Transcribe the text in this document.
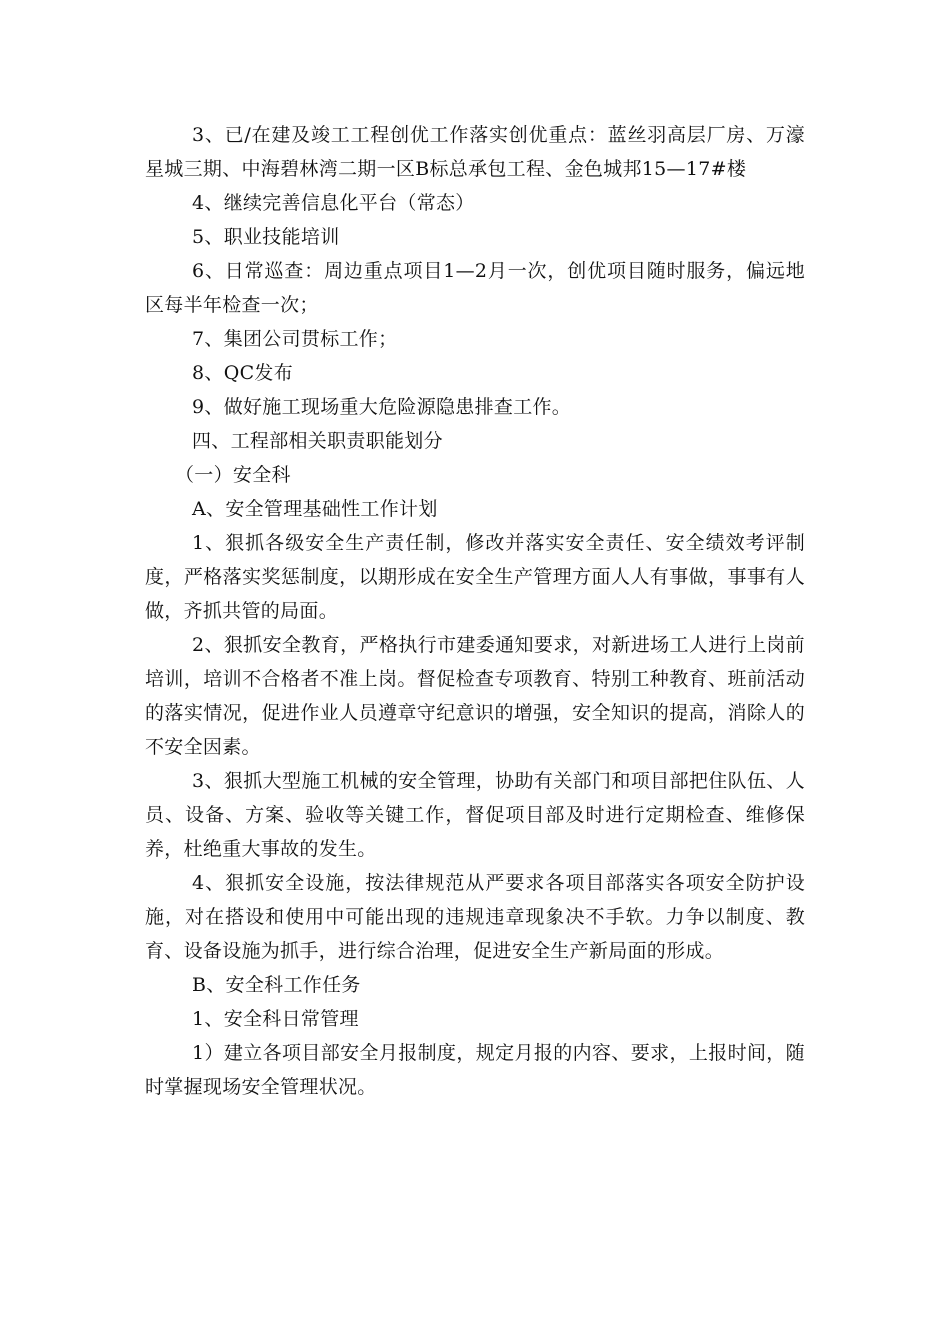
3、已/在建及竣工工程创优工作落实创优重点：蓝丝羽高层厂房、万濠星城三期、中海碧林湾二期一区B标总承包工程、金色城邦15—17#楼

4、继续完善信息化平台（常态）

5、职业技能培训

6、日常巡查：周边重点项目1—2月一次，创优项目随时服务，偏远地区每半年检查一次；

7、集团公司贯标工作；

8、QC发布

9、做好施工现场重大危险源隐患排查工作。

四、工程部相关职责职能划分

（一）安全科

A、安全管理基础性工作计划

1、狠抓各级安全生产责任制，修改并落实安全责任、安全绩效考评制度，严格落实奖惩制度，以期形成在安全生产管理方面人人有事做，事事有人做，齐抓共管的局面。

2、狠抓安全教育，严格执行市建委通知要求，对新进场工人进行上岗前培训，培训不合格者不准上岗。督促检查专项教育、特别工种教育、班前活动的落实情况，促进作业人员遵章守纪意识的增强，安全知识的提高，消除人的不安全因素。

3、狠抓大型施工机械的安全管理，协助有关部门和项目部把住队伍、人员、设备、方案、验收等关键工作，督促项目部及时进行定期检查、维修保养，杜绝重大事故的发生。

4、狠抓安全设施，按法律规范从严要求各项目部落实各项安全防护设施，对在搭设和使用中可能出现的违规违章现象决不手软。力争以制度、教育、设备设施为抓手，进行综合治理，促进安全生产新局面的形成。

B、安全科工作任务

1、安全科日常管理

1）建立各项目部安全月报制度，规定月报的内容、要求，上报时间，随时掌握现场安全管理状况。
